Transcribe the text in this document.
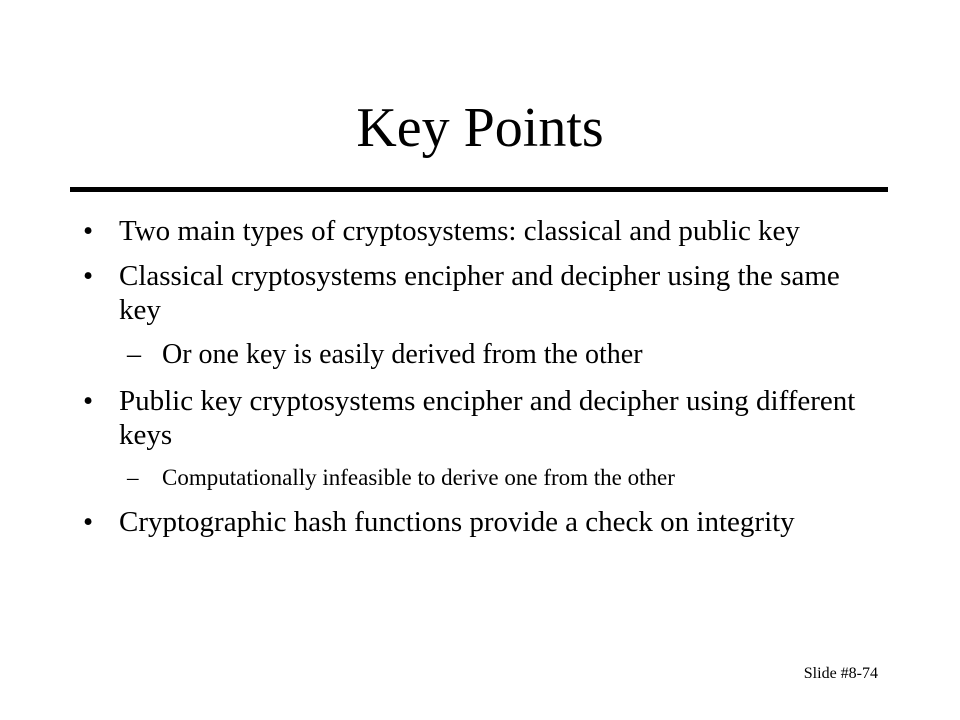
Key Points
• Two main types of cryptosystems: classical and public key
• Classical cryptosystems encipher and decipher using the same key
– Or one key is easily derived from the other
• Public key cryptosystems encipher and decipher using different keys
– Computationally infeasible to derive one from the other
• Cryptographic hash functions provide a check on integrity
Slide #8-74
